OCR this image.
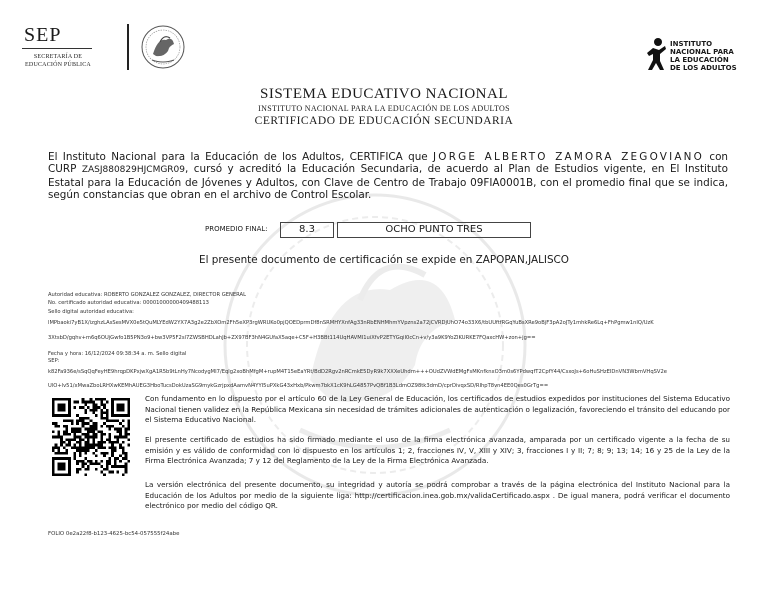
SEP
SECRETARÍA DE
EDUCACIÓN PÚBLICA
INSTITUTO
NACIONAL PARA
LA EDUCACIÓN
DE LOS ADULTOS
SISTEMA EDUCATIVO NACIONAL
INSTITUTO NACIONAL PARA LA EDUCACIÓN DE LOS ADULTOS
CERTIFICADO DE EDUCACIÓN SECUNDARIA
El Instituto Nacional para la Educación de los Adultos, CERTIFICA que JORGE ALBERTO ZAMORA ZEGOVIANO con CURP ZASJ880829HJCMGR09, cursó y acreditó la Educación Secundaria, de acuerdo al Plan de Estudios vigente, en El Instituto Estatal para la Educación de Jóvenes y Adultos, con Clave de Centro de Trabajo 09FIA0001B, con el promedio final que se indica, según constancias que obran en el archivo de Control Escolar.
PROMEDIO FINAL:	8.3	OCHO PUNTO TRES
El presente documento de certificación se expide en ZAPOPAN,JALISCO
Autoridad educativa: ROBERTO GONZALEZ GONZALEZ, DIRECTOR GENERAL
No. certificado autoridad educativa: 00001000000409488113
Sello digital autoridad educativa:
lMPbaoki7yB1X/izghzLAsSesMVX0e5tQuMLYEdW2YX7A3g2e2ZbXOm2Fh5eXP3rgWRUKo0pjQOEDprmDf8nSRMHYXnfAg33nRbENHMhmYVpzns2a72jCVRDjUhO74o33X6/tbUUftfRGqYuBsXRe9oBjF3pA2oJTy1mhkRe6Lq+FhPgmw1nIQ/UzK
3XtsbD/gqhv+m6q6OUjGwfo1B5PN3o9+bw3VP5F2sl7ZWSBHDLahJb+ZX97BF3hN4GUfaX5aqe+C5F+H3BBt114UqHAVMI1uiXfvP2ETYGqiI0cCn+v/y3a9K9YoZIKURKE7FQaxcHW+zon+jg==
Fecha y hora: 16/12/2024 09:38:34 a. m. Sello digital
SEP:
k82Fa936e/sSqQqFeyHE9hrqpDKPxjwXgA1R5b9tLnHy7NcodygMI7/Eqlg2xoBhMfgM+rupM4T15eEaYRt/BdD2Rgv2nRCmkE5DyR9k7XXXeUhdm+++OUdZVWdEMgFsMKnfknxO3m0s6YPdwqfT2CpfY44/CsxoJs+6oHuSHzEIDnVN3WbmVHqSV2e
UlO+lv51/xMwaZboLRHXwKEMhAUEG3HboTucsDokUzaSG9mykGzrjpxdAamvN4YYI5uPXkG43xHxb/Pkwm7bkX1cK9hLG4857PvQBf1B3LdmOZ98tk3dmD/cprDivqxSD/RIhpT8vn4EE0Qes0GrTg==
Con fundamento en lo dispuesto por el artículo 60 de la Ley General de Educación, los certificados de estudios expedidos por instituciones del Sistema Educativo Nacional tienen validez en la República Mexicana sin necesidad de trámites adicionales de autenticación o legalización, favoreciendo el tránsito del educando por el Sistema Educativo Nacional.
El presente certificado de estudios ha sido firmado mediante el uso de la firma electrónica avanzada, amparada por un certificado vigente a la fecha de su emisión y es válido de conformidad con lo dispuesto en los artículos 1; 2, fracciones IV, V, XIII y XIV; 3, fracciones I y II; 7; 8; 9; 13; 14; 16 y 25 de la Ley de la Firma Electrónica Avanzada; 7 y 12 del Reglamento de la Ley de la Firma Electrónica Avanzada.
La versión electrónica del presente documento, su integridad y autoría se podrá comprobar a través de la página electrónica del Instituto Nacional para la Educación de los Adultos por medio de la siguiente liga: http://certificacion.inea.gob.mx/validaCertificado.aspx . De igual manera, podrá verificar el documento electrónico por medio del código QR.
FOLIO 0e2a22f8-b123-4625-bc54-057555f24abe
